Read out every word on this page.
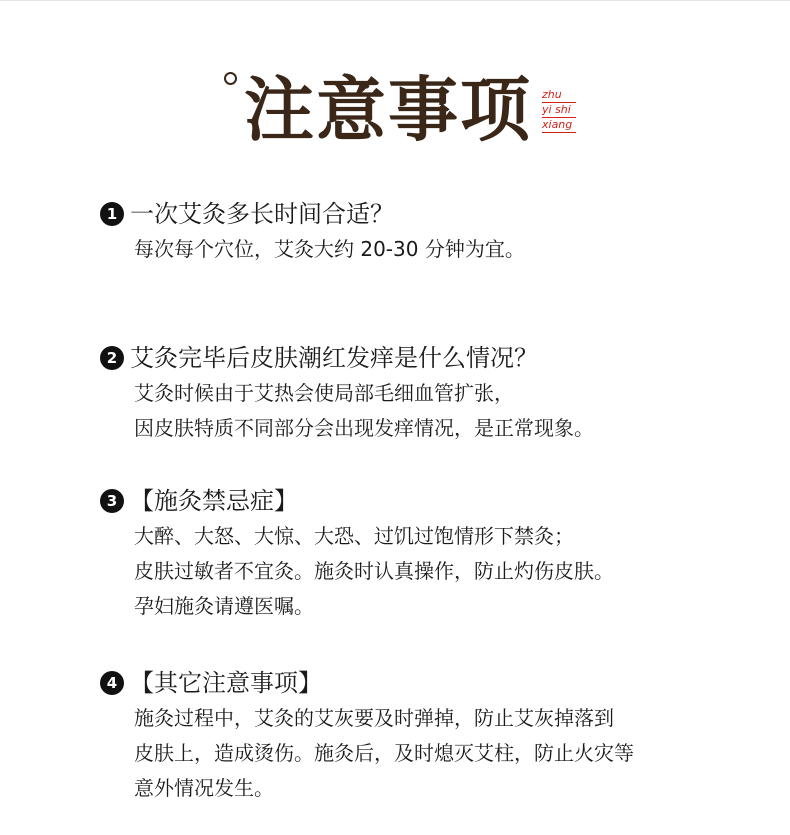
注意事项 zhu
yi shi
xiang
1 一次艾灸多长时间合适？
每次每个穴位，艾灸大约 20-30 分钟为宜。
2 艾灸完毕后皮肤潮红发痒是什么情况？
艾灸时候由于艾热会使局部毛细血管扩张，
因皮肤特质不同部分会出现发痒情况，是正常现象。
3 【施灸禁忌症】
大醉、大怒、大惊、大恐、过饥过饱情形下禁灸；
皮肤过敏者不宜灸。施灸时认真操作，防止灼伤皮肤。
孕妇施灸请遵医嘱。
4 【其它注意事项】
施灸过程中，艾灸的艾灰要及时弹掉，防止艾灰掉落到
皮肤上，造成烫伤。施灸后，及时熄灭艾柱，防止火灾等
意外情况发生。
